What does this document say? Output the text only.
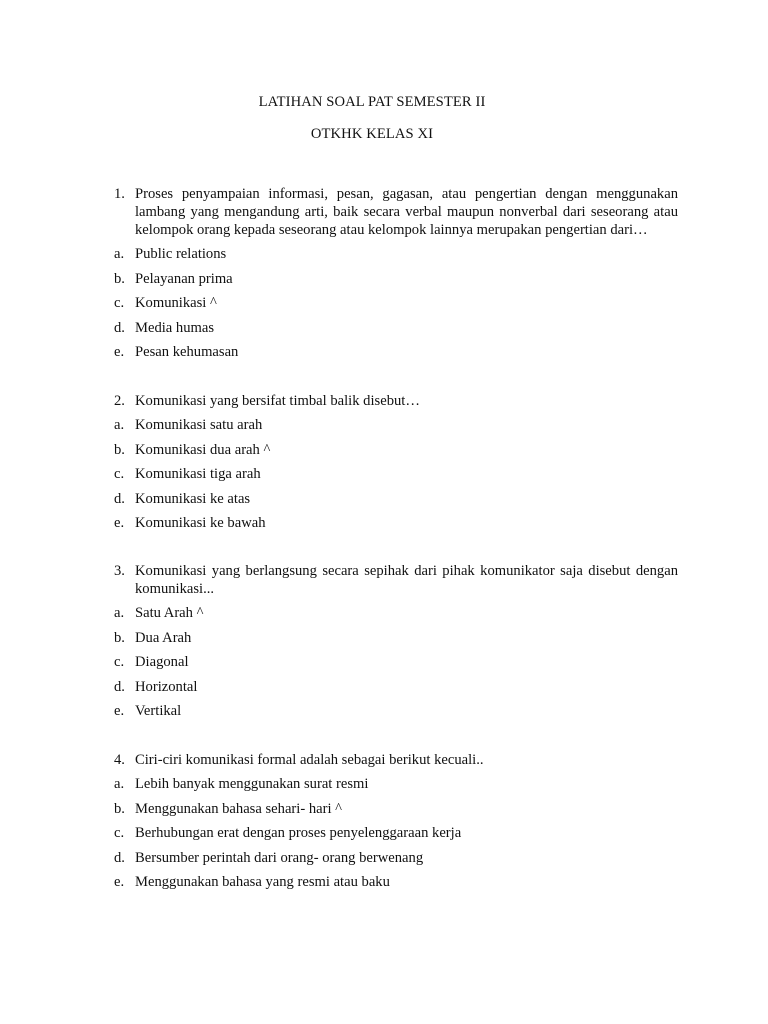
LATIHAN SOAL PAT SEMESTER II
OTKHK KELAS XI
1. Proses penyampaian informasi, pesan, gagasan, atau pengertian dengan menggunakan lambang yang mengandung arti, baik secara verbal maupun nonverbal dari seseorang atau kelompok orang kepada seseorang atau kelompok lainnya merupakan pengertian dari…
a. Public relations
b. Pelayanan prima
c. Komunikasi ^
d. Media humas
e. Pesan kehumasan
2. Komunikasi yang bersifat timbal balik disebut…
a. Komunikasi satu arah
b. Komunikasi dua arah ^
c. Komunikasi tiga arah
d. Komunikasi ke atas
e. Komunikasi ke bawah
3. Komunikasi yang berlangsung secara sepihak dari pihak komunikator saja disebut dengan komunikasi...
a. Satu Arah ^
b. Dua Arah
c. Diagonal
d. Horizontal
e. Vertikal
4. Ciri-ciri komunikasi formal adalah sebagai berikut kecuali..
a. Lebih banyak menggunakan surat resmi
b. Menggunakan bahasa sehari- hari ^
c. Berhubungan erat dengan proses penyelenggaraan kerja
d. Bersumber perintah dari orang- orang berwenang
e. Menggunakan bahasa yang resmi atau baku
